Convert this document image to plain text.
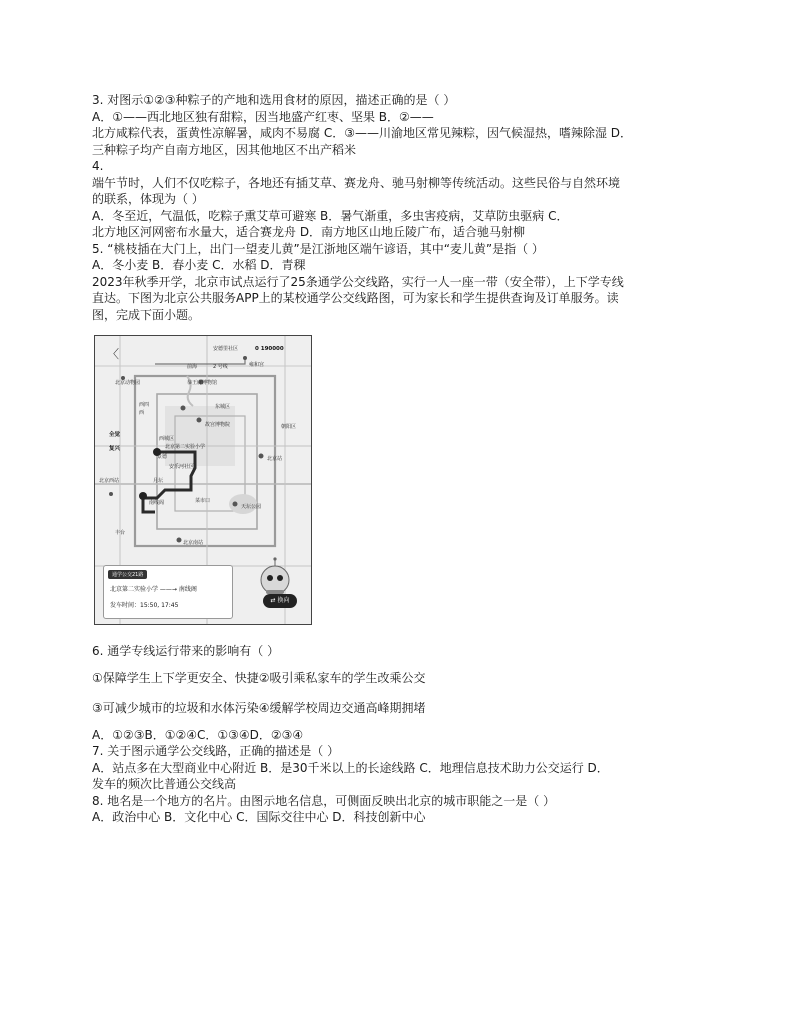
3. 对图示①②③种粽子的产地和选用食材的原因，描述正确的是（ ）

A．①——西北地区独有甜粽，因当地盛产红枣、坚果 B．②——

北方咸粽代表，蛋黄性凉解暑，咸肉不易腐 C．③——川渝地区常见辣粽，因气候湿热，嗜辣除湿 D．

三种粽子均产自南方地区，因其他地区不出产稻米

4.

端午节时，人们不仅吃粽子，各地还有插艾草、赛龙舟、驰马射柳等传统活动。这些民俗与自然环境

的联系，体现为（ ）

A．冬至近，气温低，吃粽子熏艾草可避寒 B．暑气渐重，多虫害疫病，艾草防虫驱病 C．

北方地区河网密布水量大，适合赛龙舟 D．南方地区山地丘陵广布，适合驰马射柳

5. “桃枝插在大门上，出门一望麦儿黄”是江浙地区端午谚语，其中“麦儿黄”是指（ ）

A．冬小麦 B．春小麦 C．水稻 D．青稞

2023年秋季开学，北京市试点运行了25条通学公交线路，实行一人一座一带（安全带），上下学专线

直达。下图为北京公共服务APP上的某校通学公交线路图，可为家长和学生提供查询及订单服务。读

图，完成下面小题。

〈	安德里社区	0 190000
前海	2 号线	雍和宫
北京动物园	恭王府博物馆
西四
西
东城区
故宫博物院	朝阳区
全觉
西城区
复兴
景德
北京第二实验小学
安乐河社区
北京站
北京西站	月坛
菜市口
南线阁
天坛公园
北京南站
丰台
通学公交21路
北京第二实验小学 ——→ 南线阁
发车时间：15:50, 17:45
⇄ 换向

6. 通学专线运行带来的影响有（ ）

①保障学生上下学更安全、快捷②吸引乘私家车的学生改乘公交

③可减少城市的垃圾和水体污染④缓解学校周边交通高峰期拥堵

A．①②③B．①②④C．①③④D．②③④

7. 关于图示通学公交线路，正确的描述是（ ）

A．站点多在大型商业中心附近 B．是30千米以上的长途线路 C．地理信息技术助力公交运行 D．

发车的频次比普通公交线高

8. 地名是一个地方的名片。由图示地名信息，可侧面反映出北京的城市职能之一是（ ）

A．政治中心 B．文化中心 C．国际交往中心 D．科技创新中心
